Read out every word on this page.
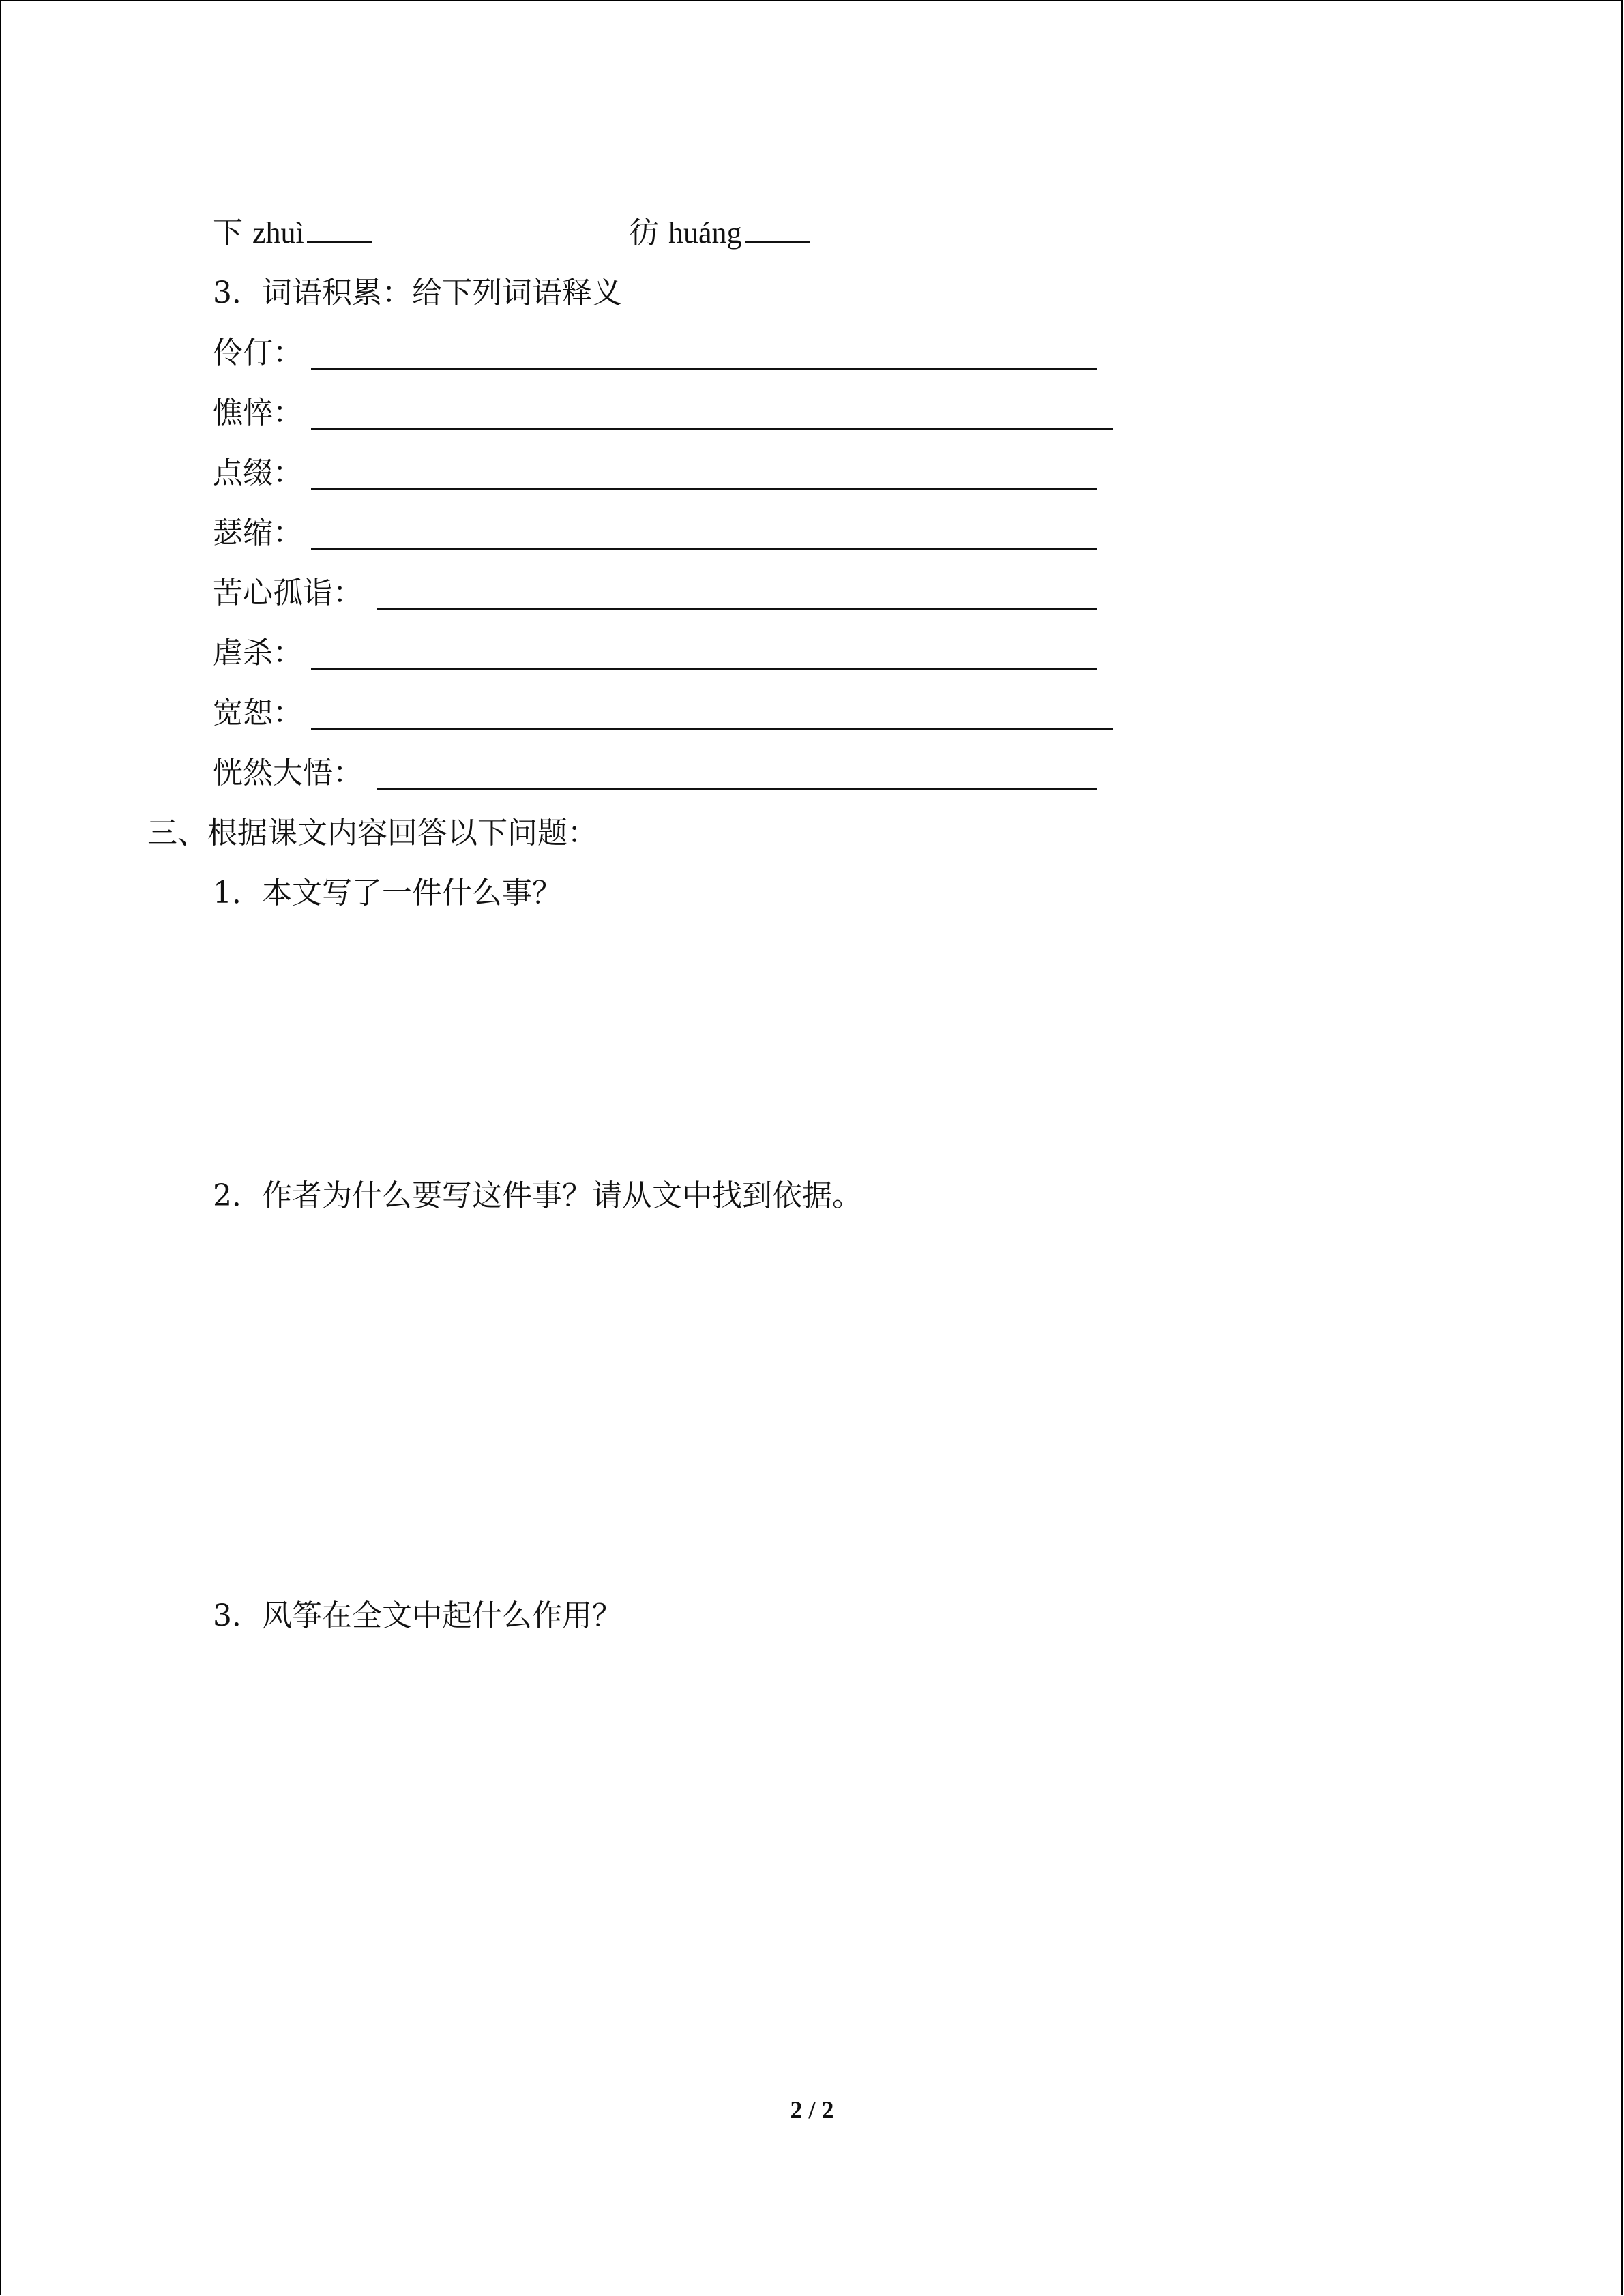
下 zhuì	彷 huáng
3．词语积累：给下列词语释义
伶仃：
憔悴：
点缀：
瑟缩：
苦心孤诣：
虐杀：
宽恕：
恍然大悟：
三、根据课文内容回答以下问题：
1．本文写了一件什么事？
2．作者为什么要写这件事？请从文中找到依据。
3．风筝在全文中起什么作用？
2 / 2
